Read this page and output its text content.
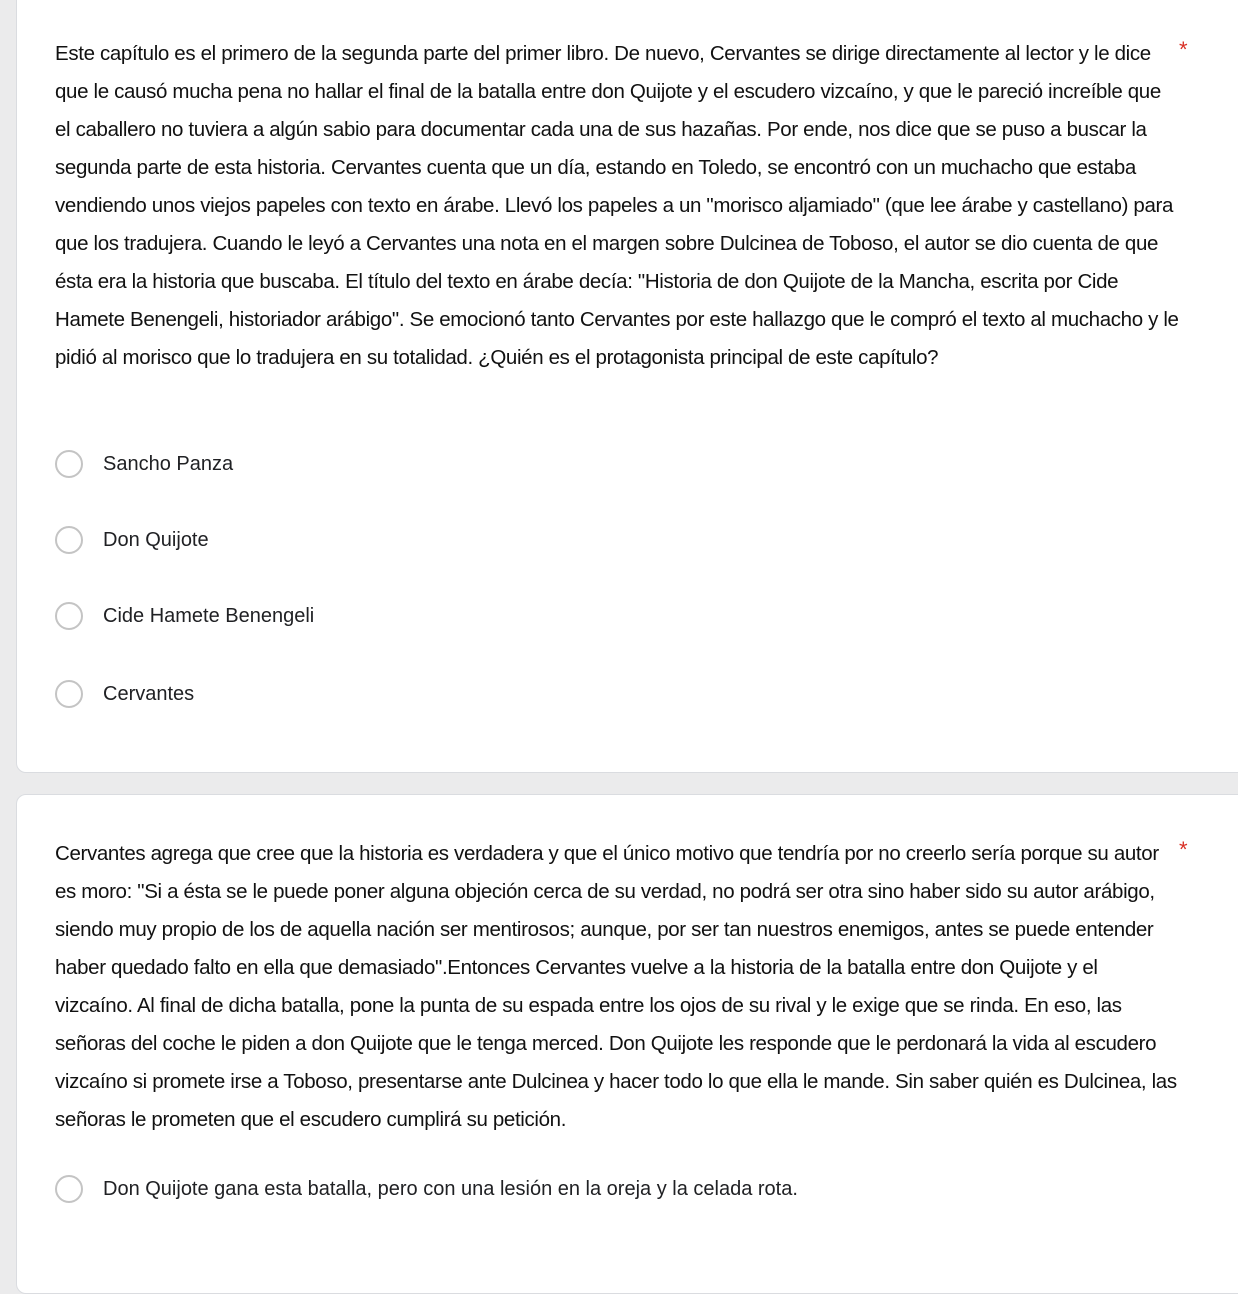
Este capítulo es el primero de la segunda parte del primer libro. De nuevo, Cervantes se dirige directamente al lector y le dice que le causó mucha pena no hallar el final de la batalla entre don Quijote y el escudero vizcaíno, y que le pareció increíble que el caballero no tuviera a algún sabio para documentar cada una de sus hazañas. Por ende, nos dice que se puso a buscar la segunda parte de esta historia. Cervantes cuenta que un día, estando en Toledo, se encontró con un muchacho que estaba vendiendo unos viejos papeles con texto en árabe. Llevó los papeles a un "morisco aljamiado" (que lee árabe y castellano) para que los tradujera. Cuando le leyó a Cervantes una nota en el margen sobre Dulcinea de Toboso, el autor se dio cuenta de que ésta era la historia que buscaba. El título del texto en árabe decía: "Historia de don Quijote de la Mancha, escrita por Cide Hamete Benengeli, historiador arábigo". Se emocionó tanto Cervantes por este hallazgo que le compró el texto al muchacho y le pidió al morisco que lo tradujera en su totalidad. ¿Quién es el protagonista principal de este capítulo?
*
Sancho Panza
Don Quijote
Cide Hamete Benengeli
Cervantes
Cervantes agrega que cree que la historia es verdadera y que el único motivo que tendría por no creerlo sería porque su autor es moro: "Si a ésta se le puede poner alguna objeción cerca de su verdad, no podrá ser otra sino haber sido su autor arábigo, siendo muy propio de los de aquella nación ser mentirosos; aunque, por ser tan nuestros enemigos, antes se puede entender haber quedado falto en ella que demasiado".Entonces Cervantes vuelve a la historia de la batalla entre don Quijote y el vizcaíno. Al final de dicha batalla, pone la punta de su espada entre los ojos de su rival y le exige que se rinda. En eso, las señoras del coche le piden a don Quijote que le tenga merced. Don Quijote les responde que le perdonará la vida al escudero vizcaíno si promete irse a Toboso, presentarse ante Dulcinea y hacer todo lo que ella le mande. Sin saber quién es Dulcinea, las señoras le prometen que el escudero cumplirá su petición.
*
Don Quijote gana esta batalla, pero con una lesión en la oreja y la celada rota.
